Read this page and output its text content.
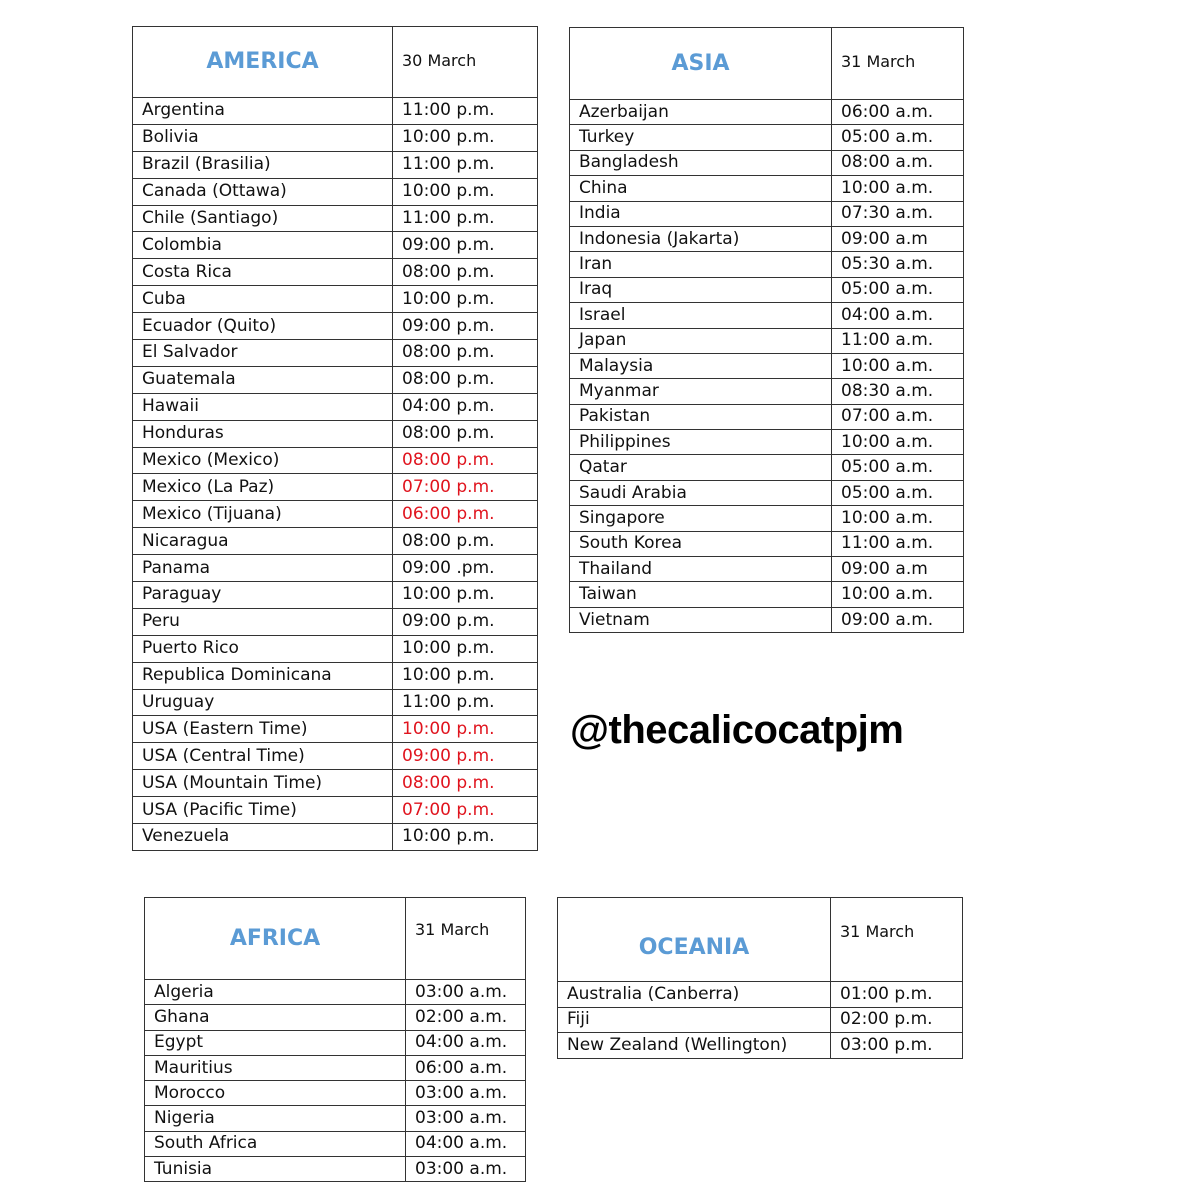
AMERICA	30 March
Argentina	11:00 p.m.
Bolivia	10:00 p.m.
Brazil (Brasilia)	11:00 p.m.
Canada (Ottawa)	10:00 p.m.
Chile (Santiago)	11:00 p.m.
Colombia	09:00 p.m.
Costa Rica	08:00 p.m.
Cuba	10:00 p.m.
Ecuador (Quito)	09:00 p.m.
El Salvador	08:00 p.m.
Guatemala	08:00 p.m.
Hawaii	04:00 p.m.
Honduras	08:00 p.m.
Mexico (Mexico)	08:00 p.m.
Mexico (La Paz)	07:00 p.m.
Mexico (Tijuana)	06:00 p.m.
Nicaragua	08:00 p.m.
Panama	09:00 .pm.
Paraguay	10:00 p.m.
Peru	09:00 p.m.
Puerto Rico	10:00 p.m.
Republica Dominicana	10:00 p.m.
Uruguay	11:00 p.m.
USA (Eastern Time)	10:00 p.m.
USA (Central Time)	09:00 p.m.
USA (Mountain Time)	08:00 p.m.
USA (Pacific Time)	07:00 p.m.
Venezuela	10:00 p.m.
ASIA	31 March
Azerbaijan	06:00 a.m.
Turkey	05:00 a.m.
Bangladesh	08:00 a.m.
China	10:00 a.m.
India	07:30 a.m.
Indonesia (Jakarta)	09:00 a.m
Iran	05:30 a.m.
Iraq	05:00 a.m.
Israel	04:00 a.m.
Japan	11:00 a.m.
Malaysia	10:00 a.m.
Myanmar	08:30 a.m.
Pakistan	07:00 a.m.
Philippines	10:00 a.m.
Qatar	05:00 a.m.
Saudi Arabia	05:00 a.m.
Singapore	10:00 a.m.
South Korea	11:00 a.m.
Thailand	09:00 a.m
Taiwan	10:00 a.m.
Vietnam	09:00 a.m.
AFRICA	31 March
Algeria	03:00 a.m.
Ghana	02:00 a.m.
Egypt	04:00 a.m.
Mauritius	06:00 a.m.
Morocco	03:00 a.m.
Nigeria	03:00 a.m.
South Africa	04:00 a.m.
Tunisia	03:00 a.m.
OCEANIA	31 March
Australia (Canberra)	01:00 p.m.
Fiji	02:00 p.m.
New Zealand (Wellington)	03:00 p.m.
@thecalicocatpjm
